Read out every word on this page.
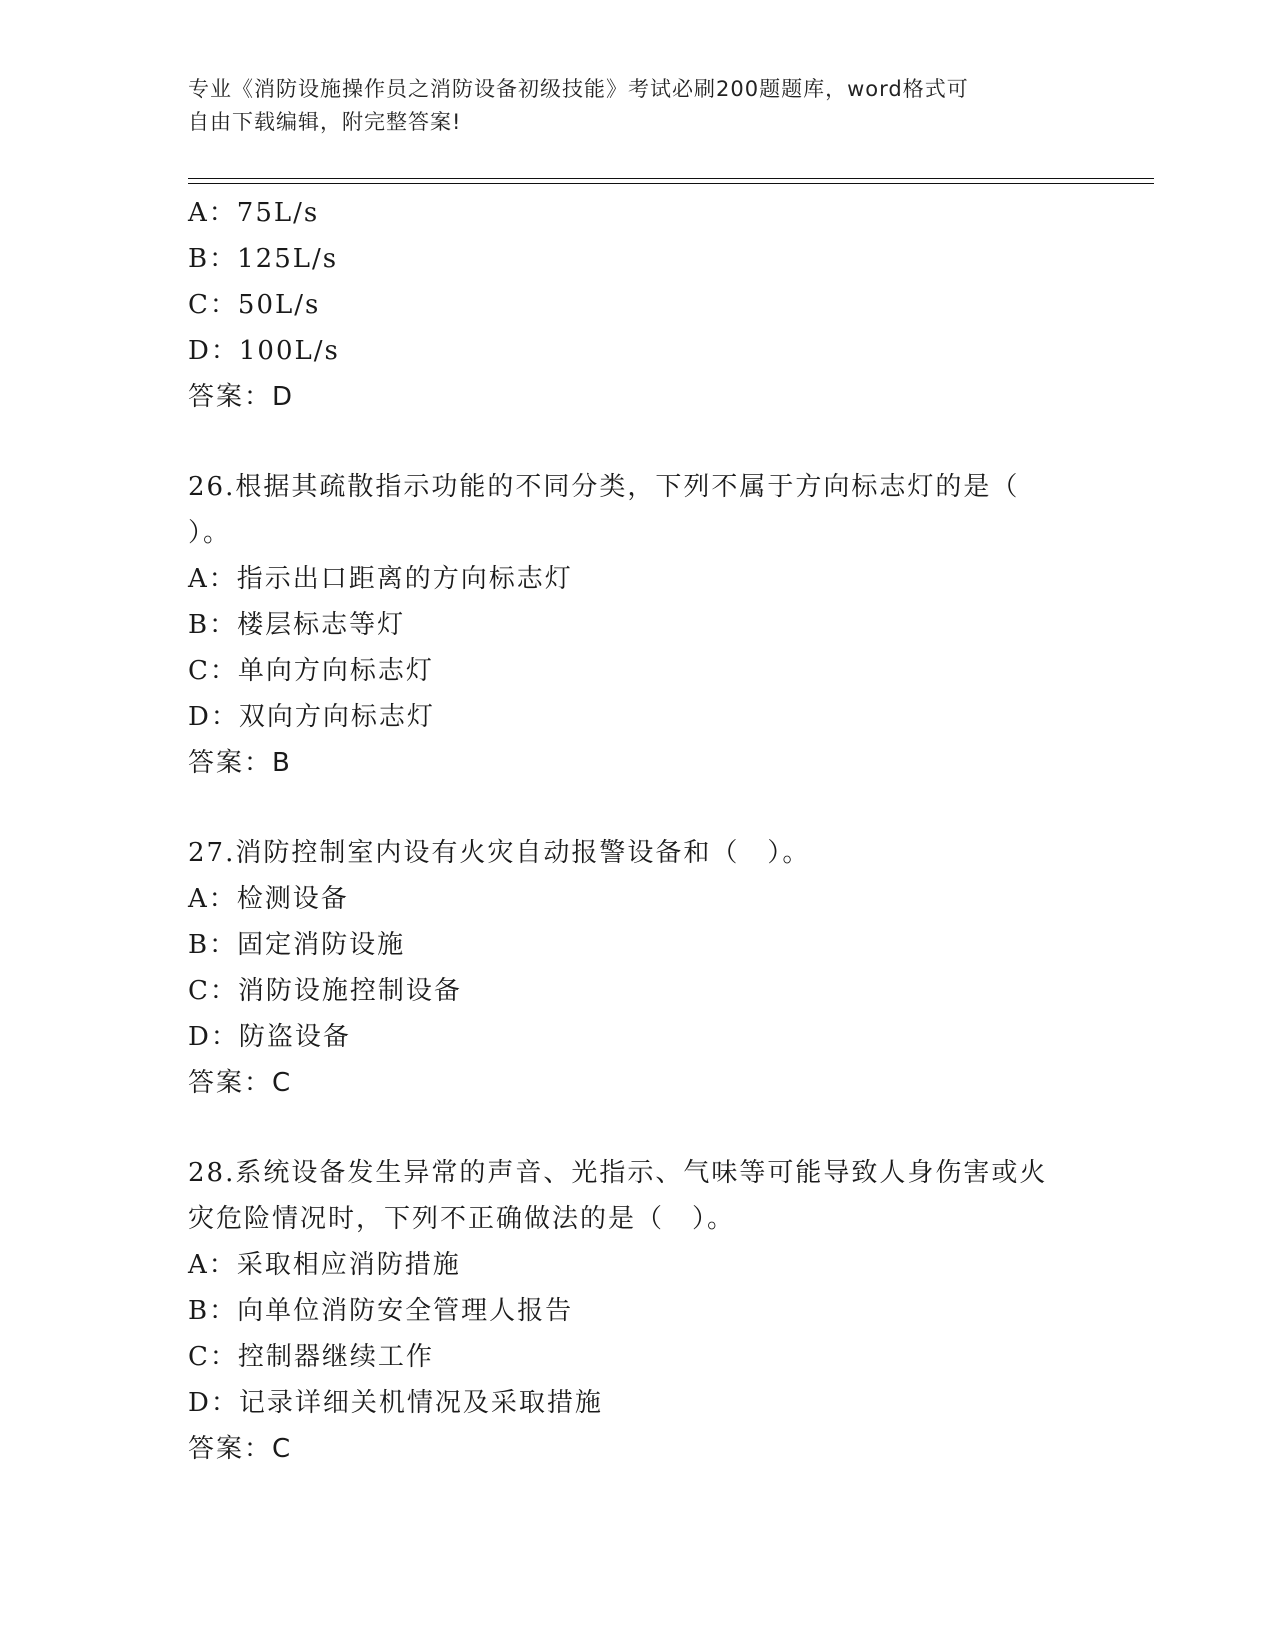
专业《消防设施操作员之消防设备初级技能》考试必刷200题题库，word格式可
自由下载编辑，附完整答案!
A：75L/s
B：125L/s
C：50L/s
D：100L/s
答案：D
26.根据其疏散指示功能的不同分类，下列不属于方向标志灯的是（
）。
A：指示出口距离的方向标志灯
B：楼层标志等灯
C：单向方向标志灯
D：双向方向标志灯
答案：B
27.消防控制室内设有火灾自动报警设备和（　）。
A：检测设备
B：固定消防设施
C：消防设施控制设备
D：防盗设备
答案：C
28.系统设备发生异常的声音、光指示、气味等可能导致人身伤害或火
灾危险情况时，下列不正确做法的是（　）。
A：采取相应消防措施
B：向单位消防安全管理人报告
C：控制器继续工作
D：记录详细关机情况及采取措施
答案：C
